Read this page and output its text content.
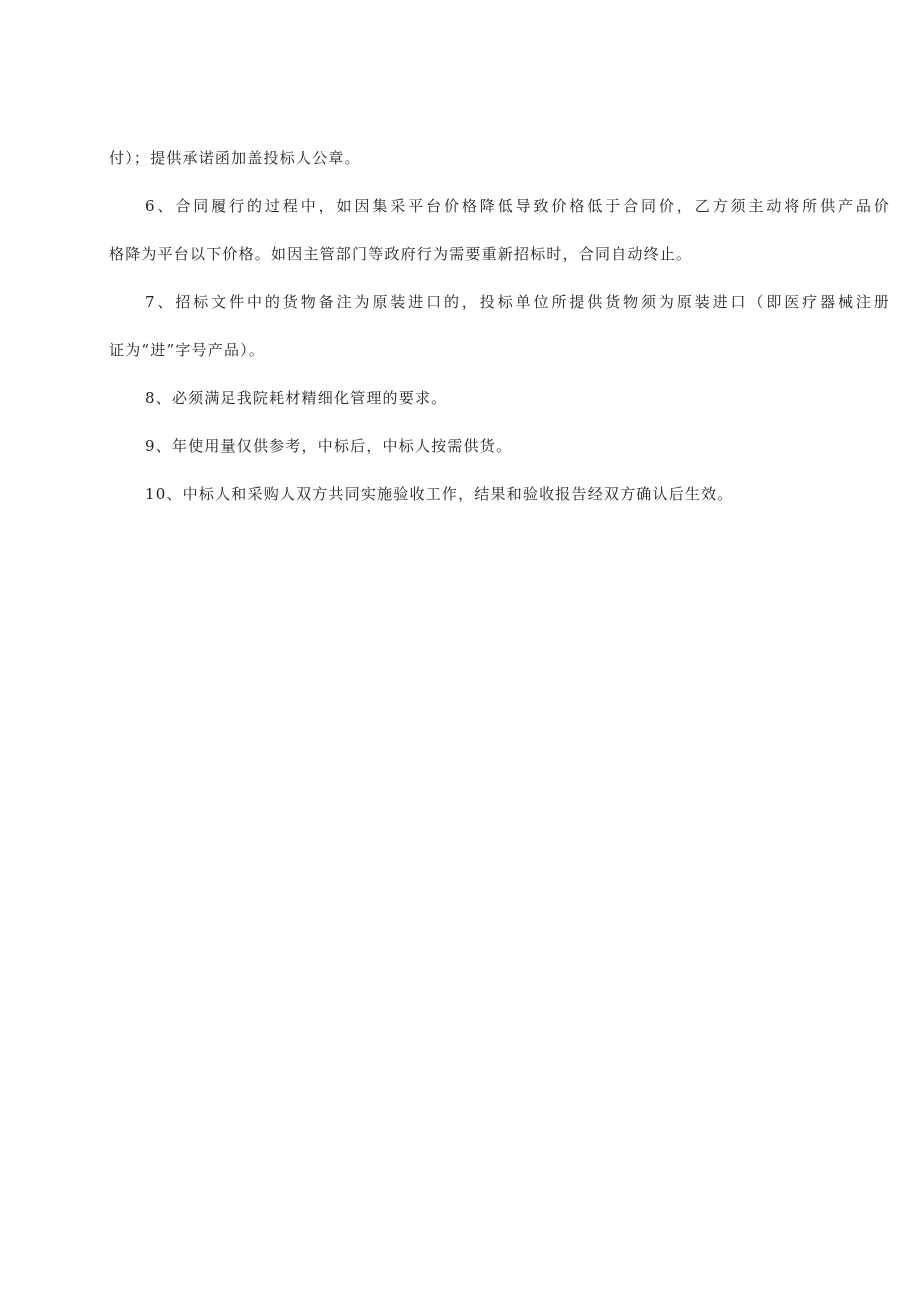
付）；提供承诺函加盖投标人公章。
6、合同履行的过程中，如因集采平台价格降低导致价格低于合同价，乙方须主动将所供产品价
格降为平台以下价格。如因主管部门等政府行为需要重新招标时，合同自动终止。
7、招标文件中的货物备注为原装进口的，投标单位所提供货物须为原装进口（即医疗器械注册
证为“进”字号产品）。
8、必须满足我院耗材精细化管理的要求。
9、年使用量仅供参考，中标后，中标人按需供货。
10、中标人和采购人双方共同实施验收工作，结果和验收报告经双方确认后生效。
